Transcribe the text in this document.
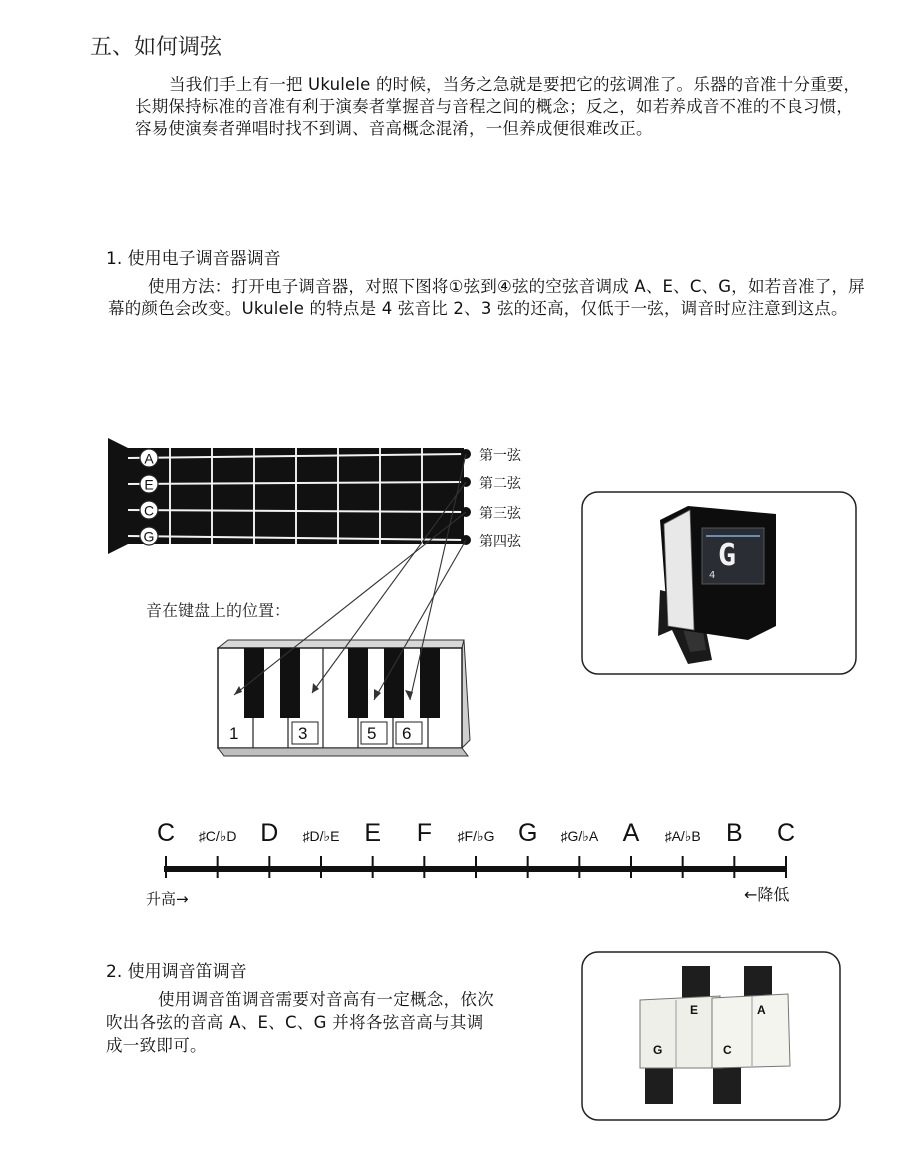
五、如何调弦
当我们手上有一把 Ukulele 的时候，当务之急就是要把它的弦调准了。乐器的音准十分重要，长期保持标准的音准有利于演奏者掌握音与音程之间的概念；反之，如若养成音不准的不良习惯，容易使演奏者弹唱时找不到调、音高概念混淆，一但养成便很难改正。
1. 使用电子调音器调音
使用方法：打开电子调音器，对照下图将①弦到④弦的空弦音调成 A、E、C、G，如若音准了，屏幕的颜色会改变。Ukulele 的特点是 4 弦音比 2、3 弦的还高，仅低于一弦，调音时应注意到这点。
A
E
C
G
第一弦
第二弦
第三弦
第四弦
1	3	5 6
音在键盘上的位置：
G
4
C ♯C/♭D D ♯D/♭E E F ♯F/♭G G ♯G/♭A A ♯A/♭B B C
升高→	←降低
2. 使用调音笛调音
使用调音笛调音需要对音高有一定概念，依次吹出各弦的音高 A、E、C、G 并将各弦音高与其调成一致即可。
E	A
G	C
